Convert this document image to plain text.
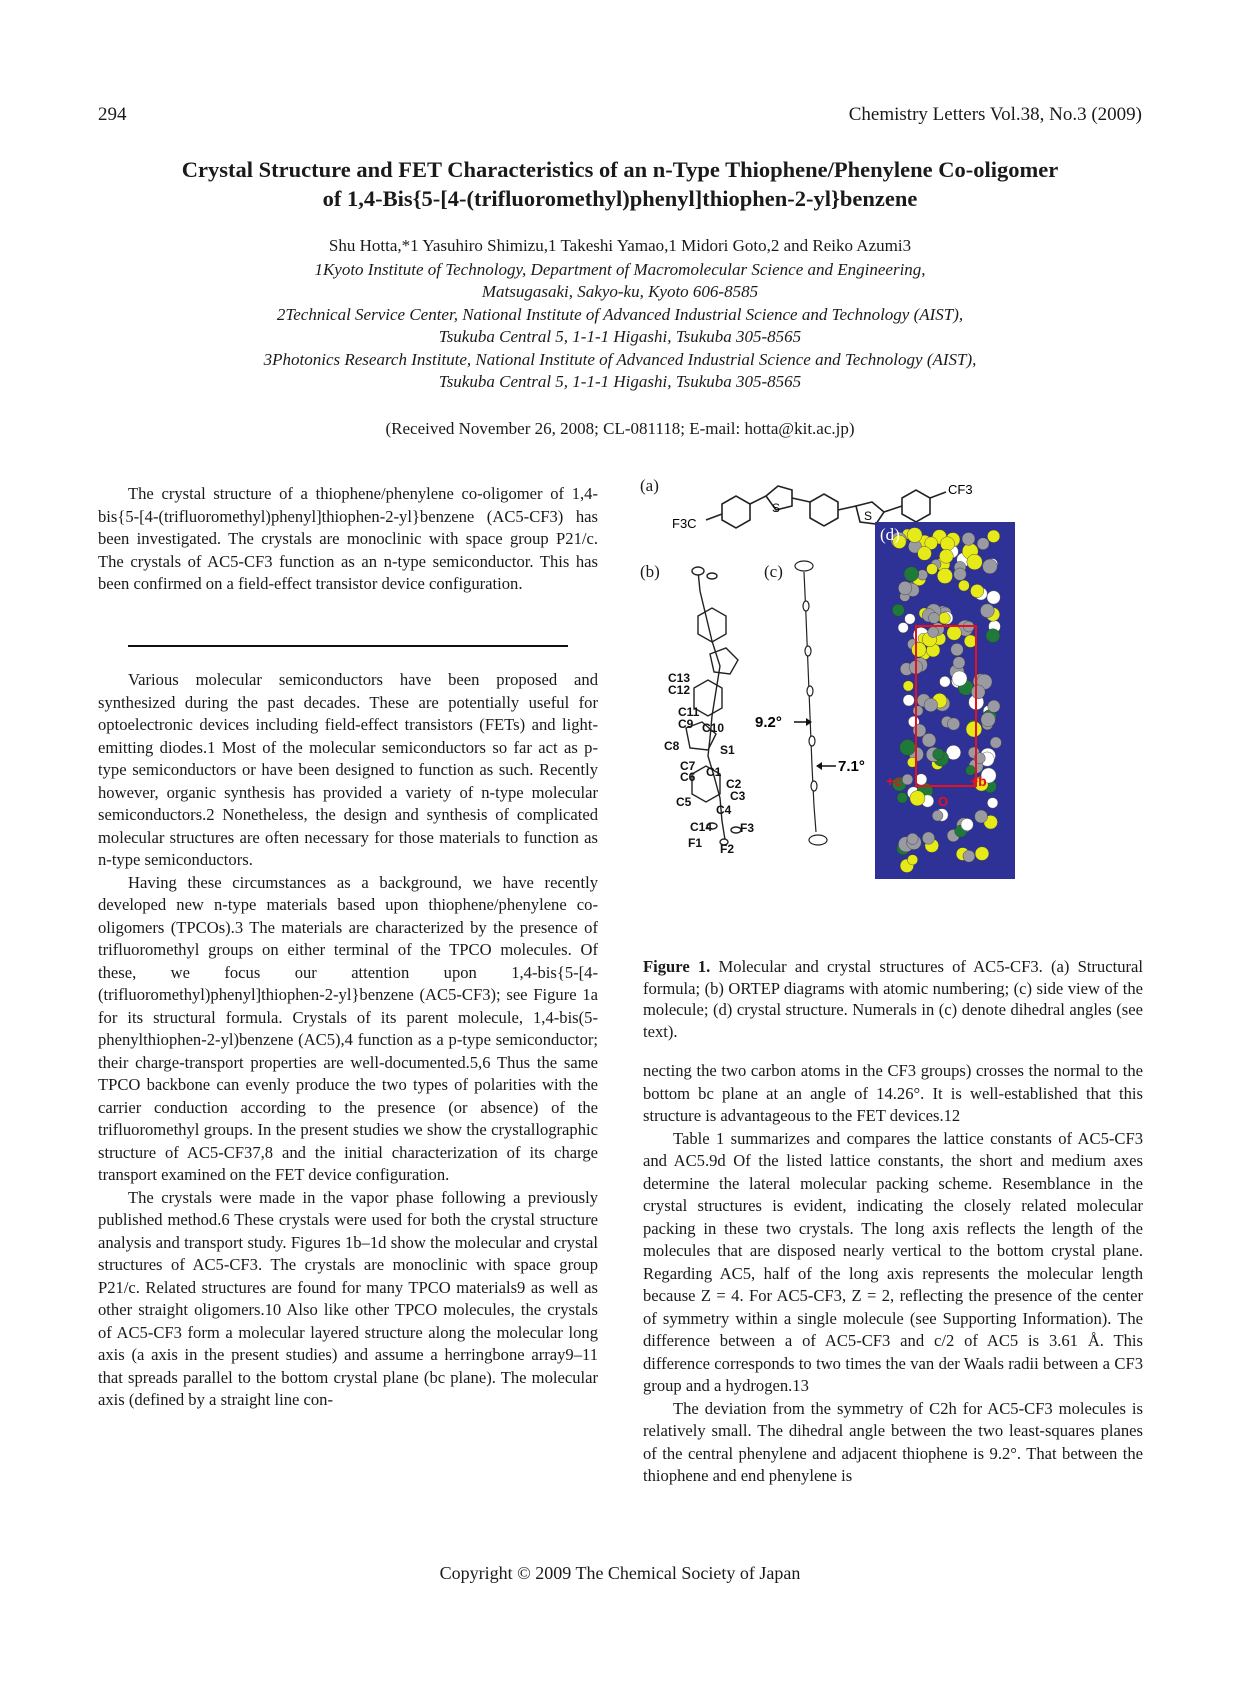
294	Chemistry Letters Vol.38, No.3 (2009)
Crystal Structure and FET Characteristics of an n-Type Thiophene/Phenylene Co-oligomer
of 1,4-Bis{5-[4-(trifluoromethyl)phenyl]thiophen-2-yl}benzene
Shu Hotta,*1 Yasuhiro Shimizu,1 Takeshi Yamao,1 Midori Goto,2 and Reiko Azumi3
1Kyoto Institute of Technology, Department of Macromolecular Science and Engineering,
Matsugasaki, Sakyo-ku, Kyoto 606-8585
2Technical Service Center, National Institute of Advanced Industrial Science and Technology (AIST),
Tsukuba Central 5, 1-1-1 Higashi, Tsukuba 305-8565
3Photonics Research Institute, National Institute of Advanced Industrial Science and Technology (AIST),
Tsukuba Central 5, 1-1-1 Higashi, Tsukuba 305-8565
(Received November 26, 2008; CL-081118; E-mail: hotta@kit.ac.jp)

The crystal structure of a thiophene/phenylene co-oligomer of 1,4-bis{5-[4-(trifluoromethyl)phenyl]thiophen-2-yl}benzene (AC5-CF3) has been investigated. The crystals are monoclinic with space group P21/c. The crystals of AC5-CF3 function as an n-type semiconductor. This has been confirmed on a field-effect transistor device configuration.

Various molecular semiconductors have been proposed and synthesized during the past decades. These are potentially useful for optoelectronic devices including field-effect transistors (FETs) and light-emitting diodes.1 Most of the molecular semiconductors so far act as p-type semiconductors or have been designed to function as such. Recently however, organic synthesis has provided a variety of n-type molecular semiconductors.2 Nonetheless, the design and synthesis of complicated molecular structures are often necessary for those materials to function as n-type semiconductors.

Having these circumstances as a background, we have recently developed new n-type materials based upon thiophene/phenylene co-oligomers (TPCOs).3 The materials are characterized by the presence of trifluoromethyl groups on either terminal of the TPCO molecules. Of these, we focus our attention upon 1,4-bis{5-[4-(trifluoromethyl)phenyl]thiophen-2-yl}benzene (AC5-CF3); see Figure 1a for its structural formula. Crystals of its parent molecule, 1,4-bis(5-phenylthiophen-2-yl)benzene (AC5),4 function as a p-type semiconductor; their charge-transport properties are well-documented.5,6 Thus the same TPCO backbone can evenly produce the two types of polarities with the carrier conduction according to the presence (or absence) of the trifluoromethyl groups. In the present studies we show the crystallographic structure of AC5-CF37,8 and the initial characterization of its charge transport examined on the FET device configuration.

The crystals were made in the vapor phase following a previously published method.6 These crystals were used for both the crystal structure analysis and transport study. Figures 1b–1d show the molecular and crystal structures of AC5-CF3. The crystals are monoclinic with space group P21/c. Related structures are found for many TPCO materials9 as well as other straight oligomers.10 Also like other TPCO molecules, the crystals of AC5-CF3 form a molecular layered structure along the molecular long axis (a axis in the present studies) and assume a herringbone array9–11 that spreads parallel to the bottom crystal plane (bc plane). The molecular axis (defined by a straight line con-

(a)
(b)	(c)
F3C
CF3
S
S
C13
C12
C11
C9 C10
C8	S1
C7
C6 C1
C2
C3
C5
C4
C14 F3
F1 F2
9.2°
7.1°
+c	+b
O
(d)
Figure 1. Molecular and crystal structures of AC5-CF3. (a) Structural formula; (b) ORTEP diagrams with atomic numbering; (c) side view of the molecule; (d) crystal structure. Numerals in (c) denote dihedral angles (see text).

necting the two carbon atoms in the CF3 groups) crosses the normal to the bottom bc plane at an angle of 14.26°. It is well-established that this structure is advantageous to the FET devices.12

Table 1 summarizes and compares the lattice constants of AC5-CF3 and AC5.9d Of the listed lattice constants, the short and medium axes determine the lateral molecular packing scheme. Resemblance in the crystal structures is evident, indicating the closely related molecular packing in these two crystals. The long axis reflects the length of the molecules that are disposed nearly vertical to the bottom crystal plane. Regarding AC5, half of the long axis represents the molecular length because Z = 4. For AC5-CF3, Z = 2, reflecting the presence of the center of symmetry within a single molecule (see Supporting Information). The difference between a of AC5-CF3 and c/2 of AC5 is 3.61 Å. This difference corresponds to two times the van der Waals radii between a CF3 group and a hydrogen.13

The deviation from the symmetry of C2h for AC5-CF3 molecules is relatively small. The dihedral angle between the two least-squares planes of the central phenylene and adjacent thiophene is 9.2°. That between the thiophene and end phenylene is

Copyright © 2009 The Chemical Society of Japan
